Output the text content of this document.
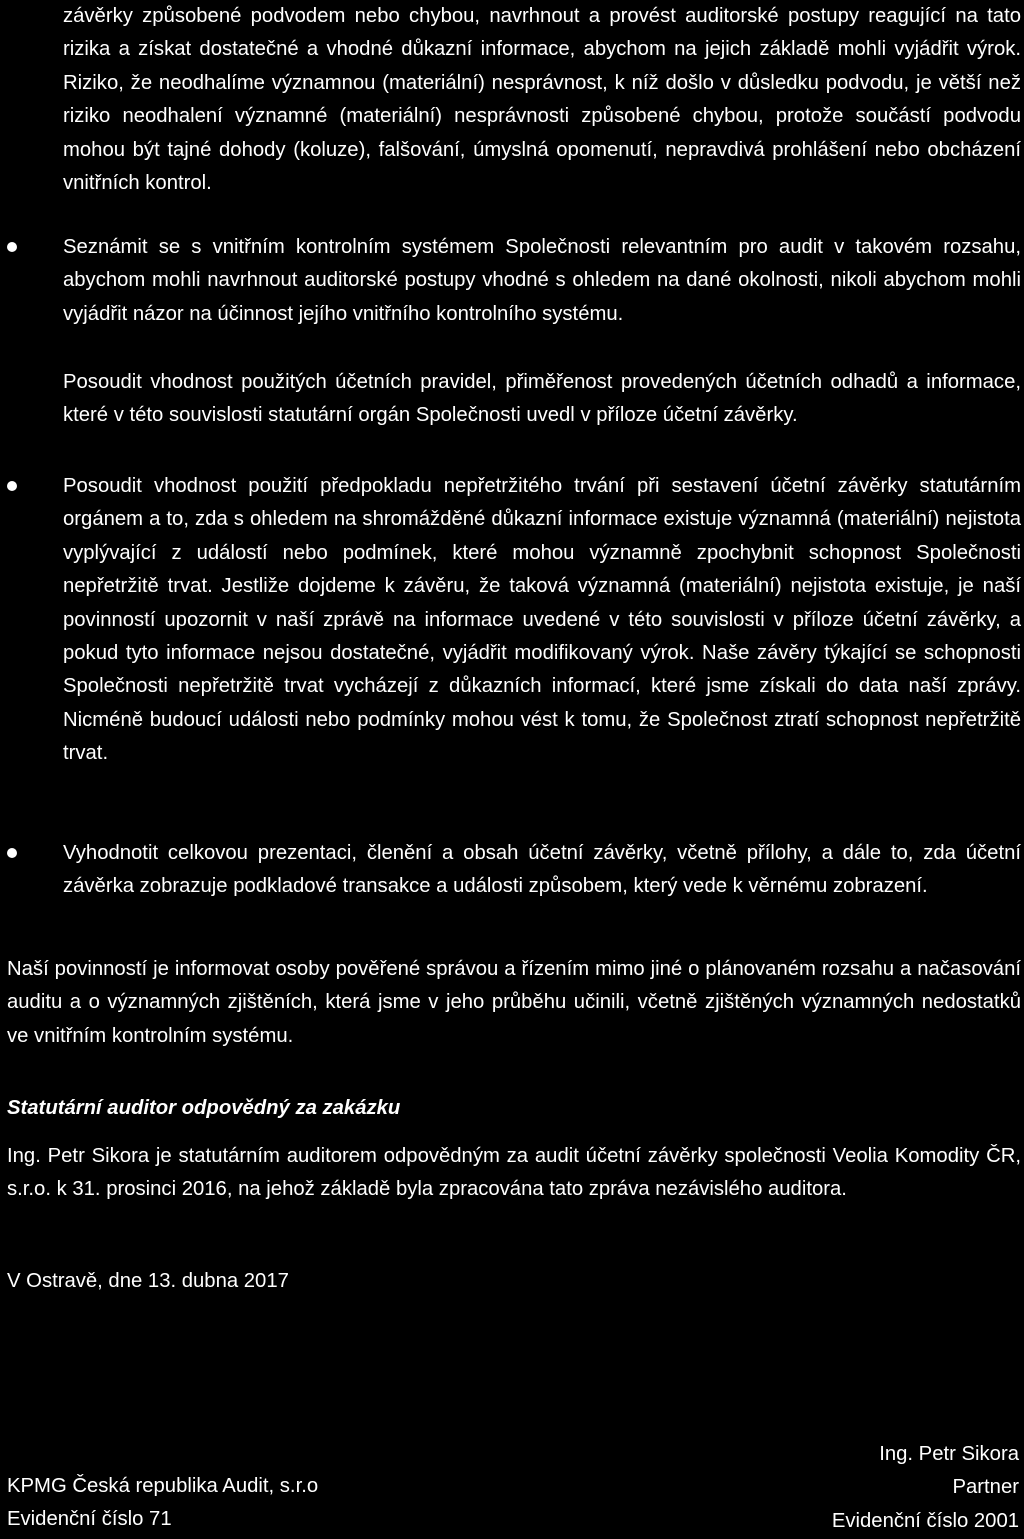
závěrky způsobené podvodem nebo chybou, navrhnout a provést auditorské postupy reagující na tato rizika a získat dostatečné a vhodné důkazní informace, abychom na jejich základě mohli vyjádřit výrok. Riziko, že neodhalíme významnou (materiální) nesprávnost, k níž došlo v důsledku podvodu, je větší než riziko neodhalení významné (materiální) nesprávnosti způsobené chybou, protože součástí podvodu mohou být tajné dohody (koluze), falšování, úmyslná opomenutí, nepravdivá prohlášení nebo obcházení vnitřních kontrol.

Seznámit se s vnitřním kontrolním systémem Společnosti relevantním pro audit v takovém rozsahu, abychom mohli navrhnout auditorské postupy vhodné s ohledem na dané okolnosti, nikoli abychom mohli vyjádřit názor na účinnost jejího vnitřního kontrolního systému.

Posoudit vhodnost použitých účetních pravidel, přiměřenost provedených účetních odhadů a informace, které v této souvislosti statutární orgán Společnosti uvedl v příloze účetní závěrky.

Posoudit vhodnost použití předpokladu nepřetržitého trvání při sestavení účetní závěrky statutárním orgánem a to, zda s ohledem na shromážděné důkazní informace existuje významná (materiální) nejistota vyplývající z událostí nebo podmínek, které mohou významně zpochybnit schopnost Společnosti nepřetržitě trvat. Jestliže dojdeme k závěru, že taková významná (materiální) nejistota existuje, je naší povinností upozornit v naší zprávě na informace uvedené v této souvislosti v příloze účetní závěrky, a pokud tyto informace nejsou dostatečné, vyjádřit modifikovaný výrok. Naše závěry týkající se schopnosti Společnosti nepřetržitě trvat vycházejí z důkazních informací, které jsme získali do data naší zprávy. Nicméně budoucí události nebo podmínky mohou vést k tomu, že Společnost ztratí schopnost nepřetržitě trvat.

Vyhodnotit celkovou prezentaci, členění a obsah účetní závěrky, včetně přílohy, a dále to, zda účetní závěrka zobrazuje podkladové transakce a události způsobem, který vede k věrnému zobrazení.

Naší povinností je informovat osoby pověřené správou a řízením mimo jiné o plánovaném rozsahu a načasování auditu a o významných zjištěních, která jsme v jeho průběhu učinili, včetně zjištěných významných nedostatků ve vnitřním kontrolním systému.

Statutární auditor odpovědný za zakázku

Ing. Petr Sikora je statutárním auditorem odpovědným za audit účetní závěrky společnosti Veolia Komodity ČR, s.r.o. k 31. prosinci 2016, na jehož základě byla zpracována tato zpráva nezávislého auditora.

V Ostravě, dne 13. dubna 2017

KPMG Česká republika Audit, s.r.o
Evidenční číslo 71
Ing. Petr Sikora
Partner
Evidenční číslo 2001
